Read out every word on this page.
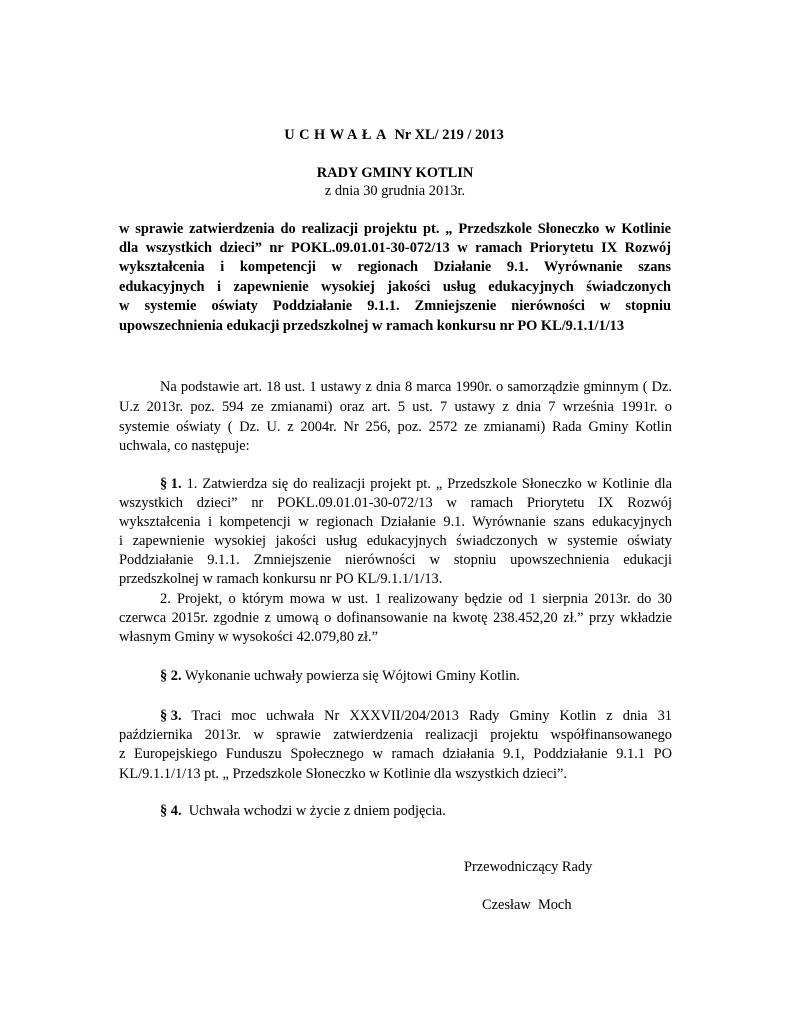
UCHWAŁA Nr XL/ 219 / 2013
RADY GMINY KOTLIN
z dnia 30 grudnia 2013r.
w sprawie zatwierdzenia do realizacji projektu pt. „ Przedszkole Słoneczko w Kotlinie
dla wszystkich dzieci” nr POKL.09.01.01-30-072/13 w ramach Priorytetu IX Rozwój
wykształcenia i kompetencji w regionach Działanie 9.1. Wyrównanie szans
edukacyjnych i zapewnienie wysokiej jakości usług edukacyjnych świadczonych
w systemie oświaty Poddziałanie 9.1.1. Zmniejszenie nierówności w stopniu
upowszechnienia edukacji przedszkolnej w ramach konkursu nr PO KL/9.1.1/1/13
Na podstawie art. 18 ust. 1 ustawy z dnia 8 marca 1990r. o samorządzie gminnym ( Dz.
U.z 2013r. poz. 594 ze zmianami) oraz art. 5 ust. 7 ustawy z dnia 7 września 1991r. o
systemie oświaty ( Dz. U. z 2004r. Nr 256, poz. 2572 ze zmianami) Rada Gminy Kotlin
uchwala, co następuje:
§ 1. 1. Zatwierdza się do realizacji projekt pt. „ Przedszkole Słoneczko w Kotlinie dla
wszystkich dzieci” nr POKL.09.01.01-30-072/13 w ramach Priorytetu IX Rozwój
wykształcenia i kompetencji w regionach Działanie 9.1. Wyrównanie szans edukacyjnych
i zapewnienie wysokiej jakości usług edukacyjnych świadczonych w systemie oświaty
Poddziałanie 9.1.1. Zmniejszenie nierówności w stopniu upowszechnienia edukacji
przedszkolnej w ramach konkursu nr PO KL/9.1.1/1/13.
2. Projekt, o którym mowa w ust. 1 realizowany będzie od 1 sierpnia 2013r. do 30
czerwca 2015r. zgodnie z umową o dofinansowanie na kwotę 238.452,20 zł.” przy wkładzie
własnym Gminy w wysokości 42.079,80 zł.”
§ 2. Wykonanie uchwały powierza się Wójtowi Gminy Kotlin.
§ 3. Traci moc uchwała Nr XXXVII/204/2013 Rady Gminy Kotlin z dnia 31
października 2013r. w sprawie zatwierdzenia realizacji projektu współfinansowanego
z Europejskiego Funduszu Społecznego w ramach działania 9.1, Poddziałanie 9.1.1 PO
KL/9.1.1/1/13 pt. „ Przedszkole Słoneczko w Kotlinie dla wszystkich dzieci”.
§ 4.  Uchwała wchodzi w życie z dniem podjęcia.
Przewodniczący Rady
Czesław  Moch
